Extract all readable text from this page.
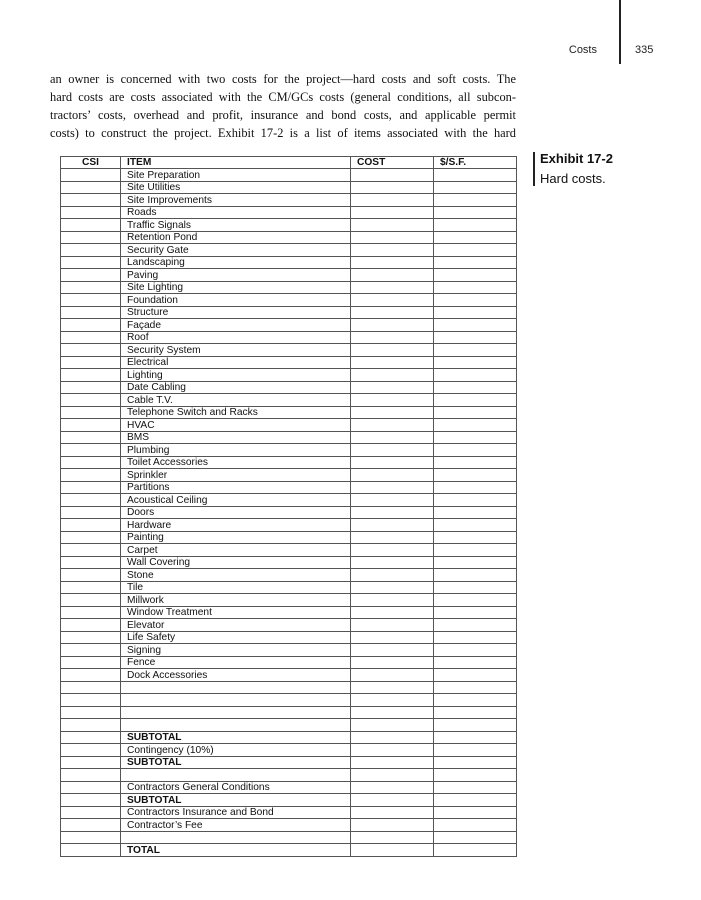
Costs	335

an owner is concerned with two costs for the project—hard costs and soft costs. The
hard costs are costs associated with the CM/GCs costs (general conditions, all subcon-
tractors’ costs, overhead and profit, insurance and bond costs, and applicable permit
costs) to construct the project. Exhibit 17-2 is a list of items associated with the hard

Exhibit 17-2
Hard costs.
CSI	ITEM	COST	$/S.F.
	Site Preparation		
	Site Utilities		
	Site Improvements		
	Roads		
	Traffic Signals		
	Retention Pond		
	Security Gate		
	Landscaping		
	Paving		
	Site Lighting		
	Foundation		
	Structure		
	Façade		
	Roof		
	Security System		
	Electrical		
	Lighting		
	Date Cabling		
	Cable T.V.		
	Telephone Switch and Racks		
	HVAC		
	BMS		
	Plumbing		
	Toilet Accessories		
	Sprinkler		
	Partitions		
	Acoustical Ceiling		
	Doors		
	Hardware		
	Painting		
	Carpet		
	Wall Covering		
	Stone		
	Tile		
	Millwork		
	Window Treatment		
	Elevator		
	Life Safety		
	Signing		
	Fence		
	Dock Accessories		

	SUBTOTAL		
	Contingency (10%)		
	SUBTOTAL		

	Contractors General Conditions		
	SUBTOTAL		
	Contractors Insurance and Bond		
	Contractor’s Fee		

	TOTAL		
